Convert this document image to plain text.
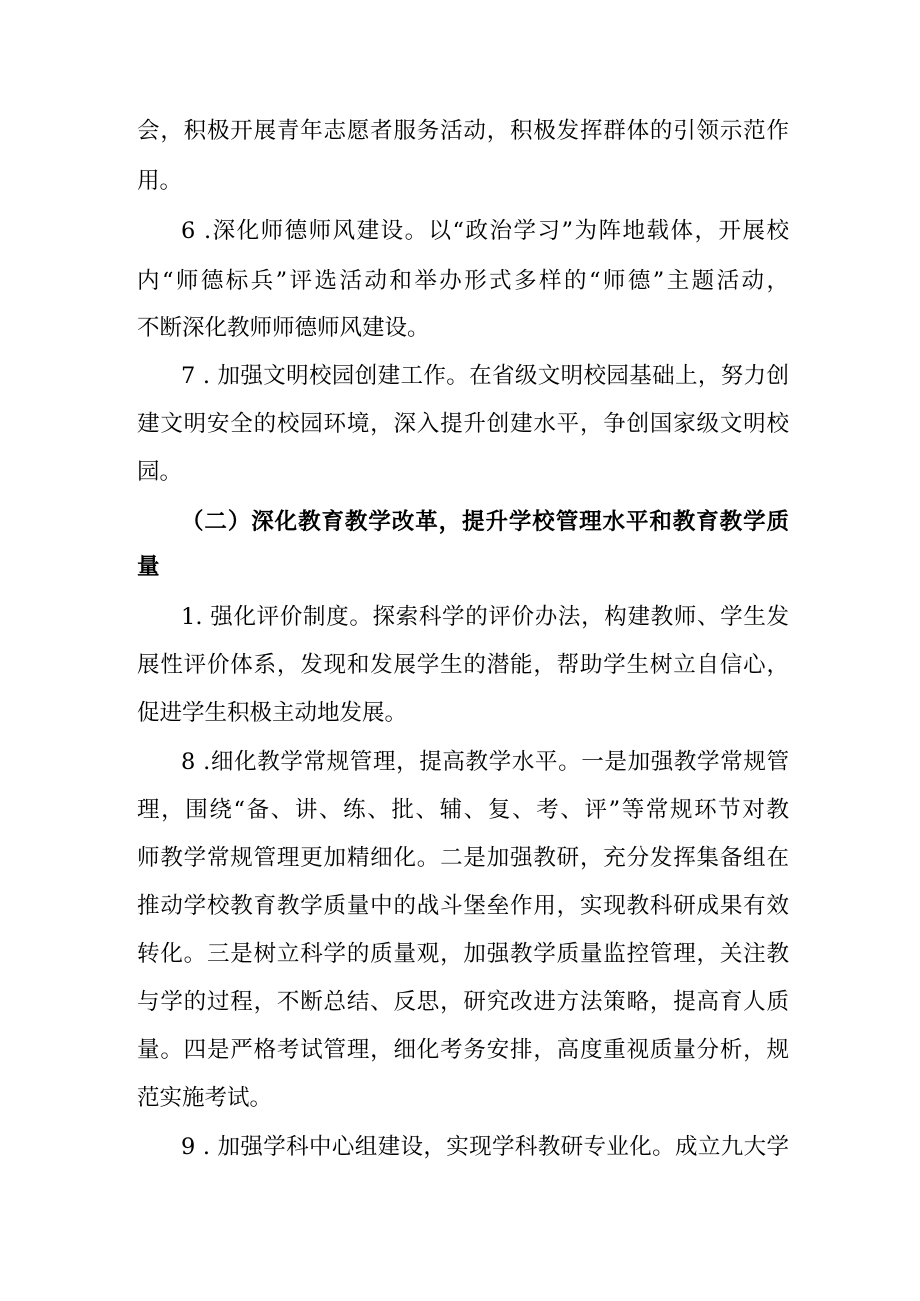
会，积极开展青年志愿者服务活动，积极发挥群体的引领示范作
用。
6 .深化师德师风建设。以“政治学习”为阵地载体，开展校
内“师德标兵”评选活动和举办形式多样的“师德”主题活动，
不断深化教师师德师风建设。
7 . 加强文明校园创建工作。在省级文明校园基础上，努力创
建文明安全的校园环境，深入提升创建水平，争创国家级文明校
园。
（二）深化教育教学改革，提升学校管理水平和教育教学质
量
1. 强化评价制度。探索科学的评价办法，构建教师、学生发
展性评价体系，发现和发展学生的潜能，帮助学生树立自信心，
促进学生积极主动地发展。
8 .细化教学常规管理，提高教学水平。一是加强教学常规管
理，围绕“备、讲、练、批、辅、复、考、评”等常规环节对教
师教学常规管理更加精细化。二是加强教研，充分发挥集备组在
推动学校教育教学质量中的战斗堡垒作用，实现教科研成果有效
转化。三是树立科学的质量观，加强教学质量监控管理，关注教
与学的过程，不断总结、反思，研究改进方法策略，提高育人质
量。四是严格考试管理，细化考务安排，高度重视质量分析，规
范实施考试。
9 . 加强学科中心组建设，实现学科教研专业化。成立九大学
